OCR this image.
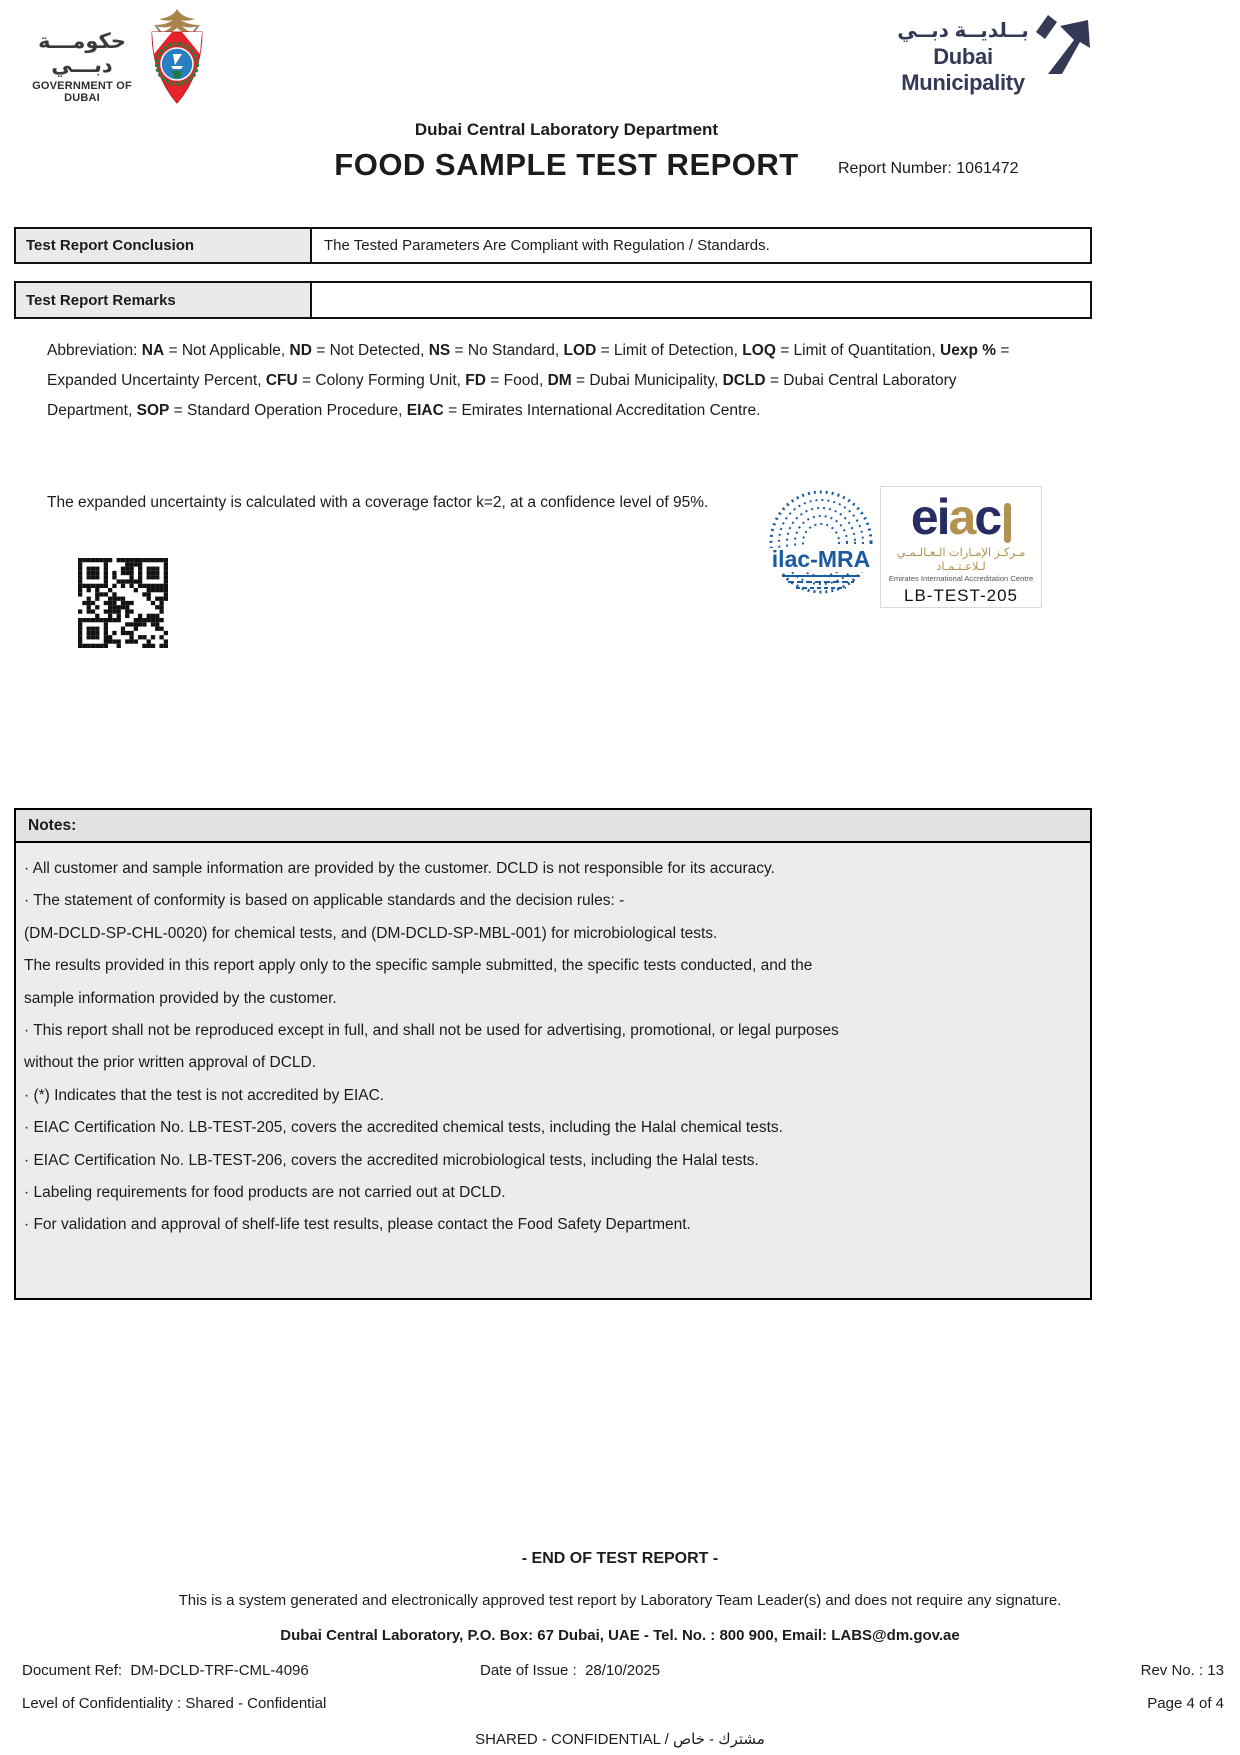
حكومـــة دبـــي
GOVERNMENT OF DUBAI
بــلديــة دبــي
Dubai Municipality
Dubai Central Laboratory Department
FOOD SAMPLE TEST REPORT	Report Number: 1061472
Test Report Conclusion	The Tested Parameters Are Compliant with Regulation / Standards.
Test Report Remarks
Abbreviation: NA = Not Applicable, ND = Not Detected, NS = No Standard, LOD = Limit of Detection, LOQ = Limit of Quantitation, Uexp % = Expanded Uncertainty Percent, CFU = Colony Forming Unit, FD = Food, DM = Dubai Municipality, DCLD = Dubai Central Laboratory Department, SOP = Standard Operation Procedure, EIAC = Emirates International Accreditation Centre.
The expanded uncertainty is calculated with a coverage factor k=2, at a confidence level of 95%.
ilac-MRA
e i a c
مـركـز الإمـارات الـعـالـمـي لـلاعـتـمـاد
Emirates International Accreditation Centre
LB-TEST-205
Notes:
· All customer and sample information are provided by the customer. DCLD is not responsible for its accuracy.
· The statement of conformity is based on applicable standards and the decision rules: -
(DM-DCLD-SP-CHL-0020) for chemical tests, and (DM-DCLD-SP-MBL-001) for microbiological tests.
The results provided in this report apply only to the specific sample submitted, the specific tests conducted, and the
sample information provided by the customer.
· This report shall not be reproduced except in full, and shall not be used for advertising, promotional, or legal purposes
without the prior written approval of DCLD.
· (*) Indicates that the test is not accredited by EIAC.
· EIAC Certification No. LB-TEST-205, covers the accredited chemical tests, including the Halal chemical tests.
· EIAC Certification No. LB-TEST-206, covers the accredited microbiological tests, including the Halal tests.
· Labeling requirements for food products are not carried out at DCLD.
· For validation and approval of shelf-life test results, please contact the Food Safety Department.
- END OF TEST REPORT -
This is a system generated and electronically approved test report by Laboratory Team Leader(s) and does not require any signature.
Dubai Central Laboratory, P.O. Box: 67 Dubai, UAE - Tel. No. : 800 900, Email: LABS@dm.gov.ae
Document Ref: DM-DCLD-TRF-CML-4096	Date of Issue : 28/10/2025	Rev No. : 13
Level of Confidentiality : Shared - Confidential	Page 4 of 4
SHARED - CONFIDENTIAL / مشترك - خاص
